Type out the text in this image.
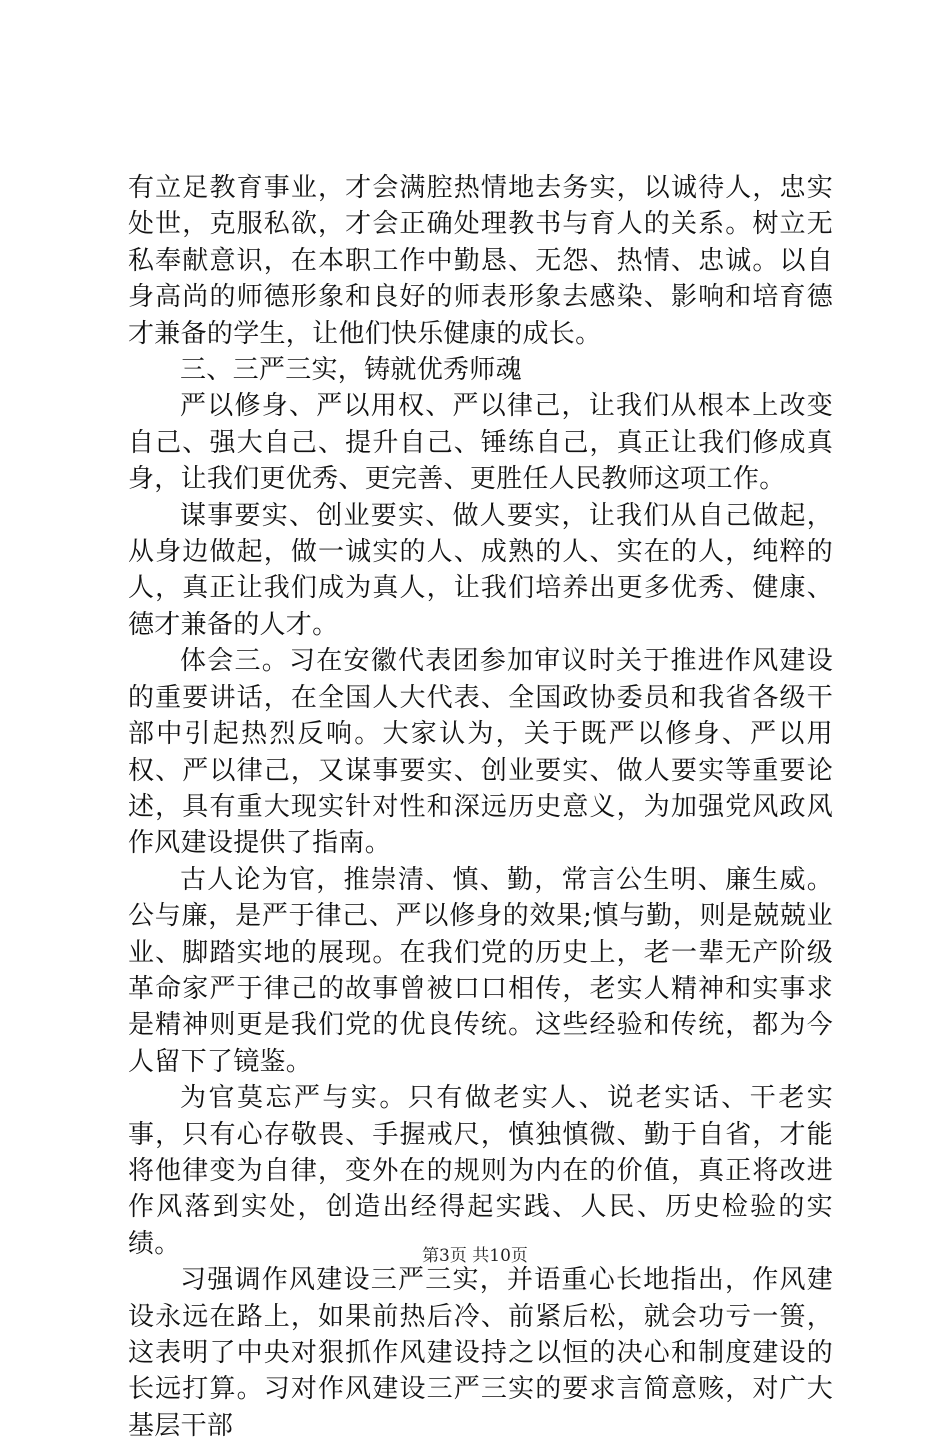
有立足教育事业，才会满腔热情地去务实，以诚待人，忠实处世，克服私欲，才会正确处理教书与育人的关系。树立无私奉献意识，在本职工作中勤恳、无怨、热情、忠诚。以自身高尚的师德形象和良好的师表形象去感染、影响和培育德才兼备的学生，让他们快乐健康的成长。

三、三严三实，铸就优秀师魂

严以修身、严以用权、严以律己，让我们从根本上改变自己、强大自己、提升自己、锤练自己，真正让我们修成真身，让我们更优秀、更完善、更胜任人民教师这项工作。

谋事要实、创业要实、做人要实，让我们从自己做起，从身边做起，做一诚实的人、成熟的人、实在的人，纯粹的人，真正让我们成为真人，让我们培养出更多优秀、健康、德才兼备的人才。

体会三。习在安徽代表团参加审议时关于推进作风建设的重要讲话，在全国人大代表、全国政协委员和我省各级干部中引起热烈反响。大家认为，关于既严以修身、严以用权、严以律己，又谋事要实、创业要实、做人要实等重要论述，具有重大现实针对性和深远历史意义，为加强党风政风作风建设提供了指南。

古人论为官，推崇清、慎、勤，常言公生明、廉生威。公与廉，是严于律己、严以修身的效果;慎与勤，则是兢兢业业、脚踏实地的展现。在我们党的历史上，老一辈无产阶级革命家严于律己的故事曾被口口相传，老实人精神和实事求是精神则更是我们党的优良传统。这些经验和传统，都为今人留下了镜鉴。

为官莫忘严与实。只有做老实人、说老实话、干老实事，只有心存敬畏、手握戒尺，慎独慎微、勤于自省，才能将他律变为自律，变外在的规则为内在的价值，真正将改进作风落到实处，创造出经得起实践、人民、历史检验的实绩。

习强调作风建设三严三实，并语重心长地指出，作风建设永远在路上，如果前热后冷、前紧后松，就会功亏一篑，这表明了中央对狠抓作风建设持之以恒的决心和制度建设的长远打算。习对作风建设三严三实的要求言简意赅，对广大基层干部

第3页 共10页
